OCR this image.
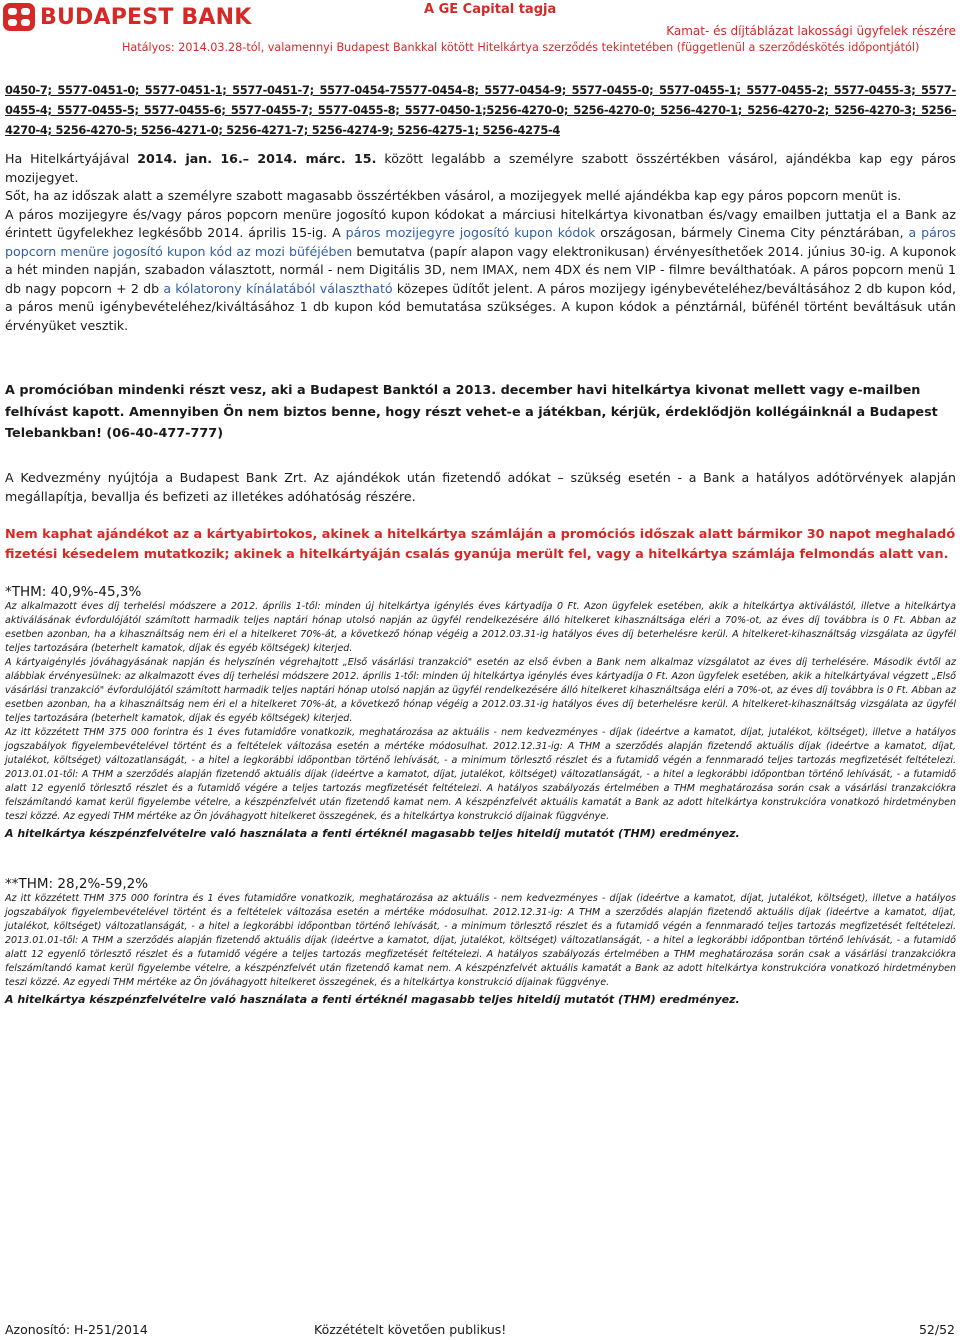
BUDAPEST BANK	A GE Capital tagja
Kamat- és díjtáblázat lakossági ügyfelek részére
Hatályos: 2014.03.28-tól, valamennyi Budapest Bankkal kötött Hitelkártya szerződés tekintetében (függetlenül a szerződéskötés időpontjától)
0450-7; 5577-0451-0; 5577-0451-1; 5577-0451-7; 5577-0454-75577-0454-8; 5577-0454-9; 5577-0455-0; 5577-0455-1; 5577-0455-2; 5577-0455-3; 5577-0455-4; 5577-0455-5; 5577-0455-6; 5577-0455-7; 5577-0455-8; 5577-0450-1;5256-4270-0; 5256-4270-0; 5256-4270-1; 5256-4270-2; 5256-4270-3; 5256-4270-4; 5256-4270-5; 5256-4271-0; 5256-4271-7; 5256-4274-9; 5256-4275-1; 5256-4275-4

Ha Hitelkártyájával 2014. jan. 16.– 2014. márc. 15. között legalább a személyre szabott összértékben vásárol, ajándékba kap egy páros mozijegyet.

Sőt, ha az időszak alatt a személyre szabott magasabb összértékben vásárol, a mozijegyek mellé ajándékba kap egy páros popcorn menüt is.

A páros mozijegyre és/vagy páros popcorn menüre jogosító kupon kódokat a márciusi hitelkártya kivonatban és/vagy emailben juttatja el a Bank az érintett ügyfelekhez legkésőbb 2014. április 15-ig. A páros mozijegyre jogosító kupon kódok országosan, bármely Cinema City pénztárában, a páros popcorn menüre jogosító kupon kód az mozi büféjében bemutatva (papír alapon vagy elektronikusan) érvényesíthetőek 2014. június 30-ig. A kuponok a hét minden napján, szabadon választott, normál - nem Digitális 3D, nem IMAX, nem 4DX és nem VIP - filmre beválthatóak. A páros popcorn menü 1 db nagy popcorn + 2 db a kólatorony kínálatából választható közepes üdítőt jelent. A páros mozijegy igénybevételéhez/beváltásához 2 db kupon kód, a páros menü igénybevételéhez/kiváltásához 1 db kupon kód bemutatása szükséges. A kupon kódok a pénztárnál, büfénél történt beváltásuk után érvényüket vesztik.

A promócióban mindenki részt vesz, aki a Budapest Banktól a 2013. december havi hitelkártya kivonat mellett vagy e-mailben felhívást kapott. Amennyiben Ön nem biztos benne, hogy részt vehet-e a játékban, kérjük, érdeklődjön kollégáinknál a Budapest Telebankban! (06-40-477-777)

A Kedvezmény nyújtója a Budapest Bank Zrt. Az ajándékok után fizetendő adókat – szükség esetén - a Bank a hatályos adótörvények alapján megállapítja, bevallja és befizeti az illetékes adóhatóság részére.

Nem kaphat ajándékot az a kártyabirtokos, akinek a hitelkártya számláján a promóciós időszak alatt bármikor 30 napot meghaladó fizetési késedelem mutatkozik; akinek a hitelkártyáján csalás gyanúja merült fel, vagy a hitelkártya számlája felmondás alatt van.

*THM: 40,9%-45,3%

Az alkalmazott éves díj terhelési módszere a 2012. április 1-től: minden új hitelkártya igénylés éves kártyadíja 0 Ft. Azon ügyfelek esetében, akik a hitelkártya aktiválástól, illetve a hitelkártya aktiválásának évfordulójától számított harmadik teljes naptári hónap utolsó napján az ügyfél rendelkezésére álló hitelkeret kihasználtsága eléri a 70%-ot, az éves díj továbbra is 0 Ft. Abban az esetben azonban, ha a kihasználtság nem éri el a hitelkeret 70%-át, a következő hónap végéig a 2012.03.31-ig hatályos éves díj beterhelésre kerül. A hitelkeret-kihasználtság vizsgálata az ügyfél teljes tartozására (beterhelt kamatok, díjak és egyéb költségek) kiterjed.

A kártyaigénylés jóváhagyásának napján és helyszínén végrehajtott „Első vásárlási tranzakció" esetén az első évben a Bank nem alkalmaz vizsgálatot az éves díj terhelésére. Második évtől az alábbiak érvényesülnek: az alkalmazott éves díj terhelési módszere 2012. április 1-től: minden új hitelkártya igénylés éves kártyadíja 0 Ft. Azon ügyfelek esetében, akik a hitelkártyával végzett „Első vásárlási tranzakció" évfordulójától számított harmadik teljes naptári hónap utolsó napján az ügyfél rendelkezésére álló hitelkeret kihasználtsága eléri a 70%-ot, az éves díj továbbra is 0 Ft. Abban az esetben azonban, ha a kihasználtság nem éri el a hitelkeret 70%-át, a következő hónap végéig a 2012.03.31-ig hatályos éves díj beterhelésre kerül. A hitelkeret-kihasználtság vizsgálata az ügyfél teljes tartozására (beterhelt kamatok, díjak és egyéb költségek) kiterjed.

Az itt közzétett THM 375 000 forintra és 1 éves futamidőre vonatkozik, meghatározása az aktuális - nem kedvezményes - díjak (ideértve a kamatot, díjat, jutalékot, költséget), illetve a hatályos jogszabályok figyelembevételével történt és a feltételek változása esetén a mértéke módosulhat. 2012.12.31-ig: A THM a szerződés alapján fizetendő aktuális díjak (ideértve a kamatot, díjat, jutalékot, költséget) változatlanságát, - a hitel a legkorábbi időpontban történő lehívását, - a minimum törlesztő részlet és a futamidő végén a fennmaradó teljes tartozás megfizetését feltételezi. 2013.01.01-től: A THM a szerződés alapján fizetendő aktuális díjak (ideértve a kamatot, díjat, jutalékot, költséget) változatlanságát, - a hitel a legkorábbi időpontban történő lehívását, - a futamidő alatt 12 egyenlő törlesztő részlet és a futamidő végére a teljes tartozás megfizetését feltételezi. A hatályos szabályozás értelmében a THM meghatározása során csak a vásárlási tranzakciókra felszámítandó kamat kerül figyelembe vételre, a készpénzfelvét után fizetendő kamat nem. A készpénzfelvét aktuális kamatát a Bank az adott hitelkártya konstrukcióra vonatkozó hirdetményben teszi közzé. Az egyedi THM mértéke az Ön jóváhagyott hitelkeret összegének, és a hitelkártya konstrukció díjainak függvénye.

A hitelkártya készpénzfelvételre való használata a fenti értéknél magasabb teljes hiteldíj mutatót (THM) eredményez.

**THM: 28,2%-59,2%

Az itt közzétett THM 375 000 forintra és 1 éves futamidőre vonatkozik, meghatározása az aktuális - nem kedvezményes - díjak (ideértve a kamatot, díjat, jutalékot, költséget), illetve a hatályos jogszabályok figyelembevételével történt és a feltételek változása esetén a mértéke módosulhat. 2012.12.31-ig: A THM a szerződés alapján fizetendő aktuális díjak (ideértve a kamatot, díjat, jutalékot, költséget) változatlanságát, - a hitel a legkorábbi időpontban történő lehívását, - a minimum törlesztő részlet és a futamidő végén a fennmaradó teljes tartozás megfizetését feltételezi. 2013.01.01-től: A THM a szerződés alapján fizetendő aktuális díjak (ideértve a kamatot, díjat, jutalékot, költséget) változatlanságát, - a hitel a legkorábbi időpontban történő lehívását, - a futamidő alatt 12 egyenlő törlesztő részlet és a futamidő végére a teljes tartozás megfizetését feltételezi. A hatályos szabályozás értelmében a THM meghatározása során csak a vásárlási tranzakciókra felszámítandó kamat kerül figyelembe vételre, a készpénzfelvét után fizetendő kamat nem. A készpénzfelvét aktuális kamatát a Bank az adott hitelkártya konstrukcióra vonatkozó hirdetményben teszi közzé. Az egyedi THM mértéke az Ön jóváhagyott hitelkeret összegének, és a hitelkártya konstrukció díjainak függvénye.

A hitelkártya készpénzfelvételre való használata a fenti értéknél magasabb teljes hiteldíj mutatót (THM) eredményez.

Azonosító: H-251/2014	Közzétételt követően publikus!	52/52
